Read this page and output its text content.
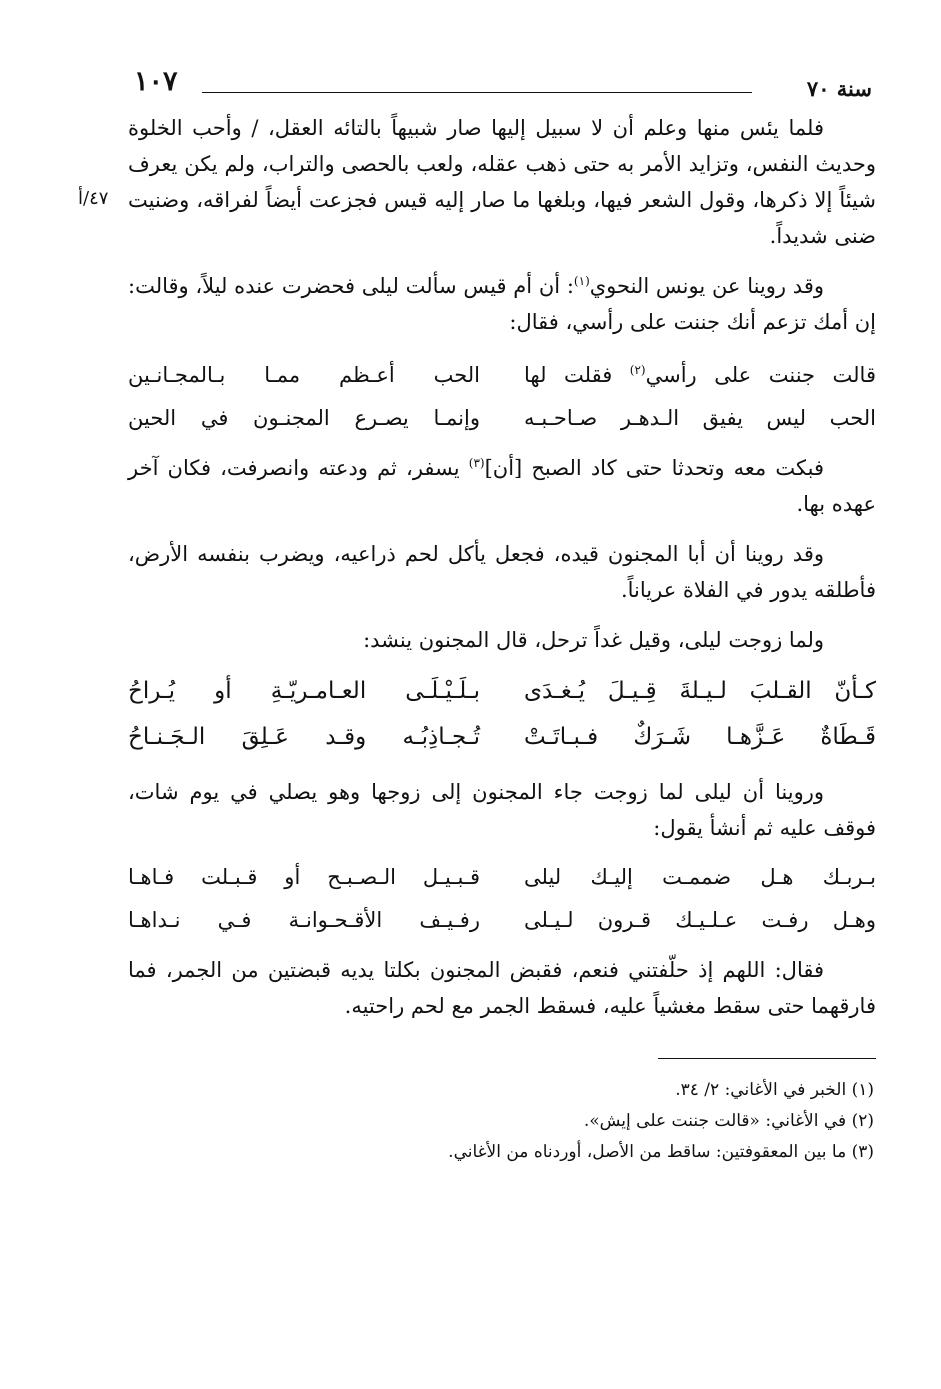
سنة ٧٠
١٠٧
٤٧/أ

فلما يئس منها وعلم أن لا سبيل إليها صار شبيهاً بالتائه العقل، / وأحب الخلوة وحديث النفس، وتزايد الأمر به حتى ذهب عقله، ولعب بالحصى والتراب، ولم يكن يعرف شيئاً إلا ذكرها، وقول الشعر فيها، وبلغها ما صار إليه قيس فجزعت أيضاً لفراقه، وضنيت ضنى شديداً.

وقد روينا عن يونس النحوي$^{(١)}$: أن أم قيس سألت ليلى فحضرت عنده ليلاً، وقالت: إن أمك تزعم أنك جننت على رأسي، فقال:

قالت جننت على رأسي$^{(٢)}$ فقلت لها
الحب أعـظم ممـا بـالمجـانـين
الحب ليس يفيق الـدهـر صـاحـبـه
وإنمـا يصـرع المجنـون في الحين

فبكت معه وتحدثا حتى كاد الصبح [أن]$^{(٣)}$ يسفر، ثم ودعته وانصرفت، فكان آخر عهده بها.

وقد روينا أن أبا المجنون قيده، فجعل يأكل لحم ذراعيه، ويضرب بنفسه الأرض، فأطلقه يدور في الفلاة عرياناً.

ولما زوجت ليلى، وقيل غداً ترحل، قال المجنون ينشد:

كـأنّ القـلبَ لـيـلةَ قِـيـلَ يُـغـدَى
بـلَـيْـلَـى العـامـريّـةِ أو يُـراحُ
قَـطَاةٌ عَـزَّهـا شَـرَكٌ فـبـاتَـتْ
تُـجـاذِبُـه وقـد عَـلِقَ الـجَـنـاحُ

وروينا أن ليلى لما زوجت جاء المجنون إلى زوجها وهو يصلي في يوم شات، فوقف عليه ثم أنشأ يقول:

بـربـك هـل ضممـت إليـك ليلى
قـبـيـل الـصـبـح أو قـبـلت فـاهـا
وهـل رفـت عـلـيـك قـرون لـيـلى
رفـيـف الأقـحـوانـة فـي نـداهـا

فقال: اللهم إذ حلّفتني فنعم، فقبض المجنون بكلتا يديه قبضتين من الجمر، فما فارقهما حتى سقط مغشياً عليه، فسقط الجمر مع لحم راحتيه.

(١) الخبر في الأغاني: ٢/ ٣٤.

(٢) في الأغاني: «قالت جننت على إيش».

(٣) ما بين المعقوفتين: ساقط من الأصل، أوردناه من الأغاني.
